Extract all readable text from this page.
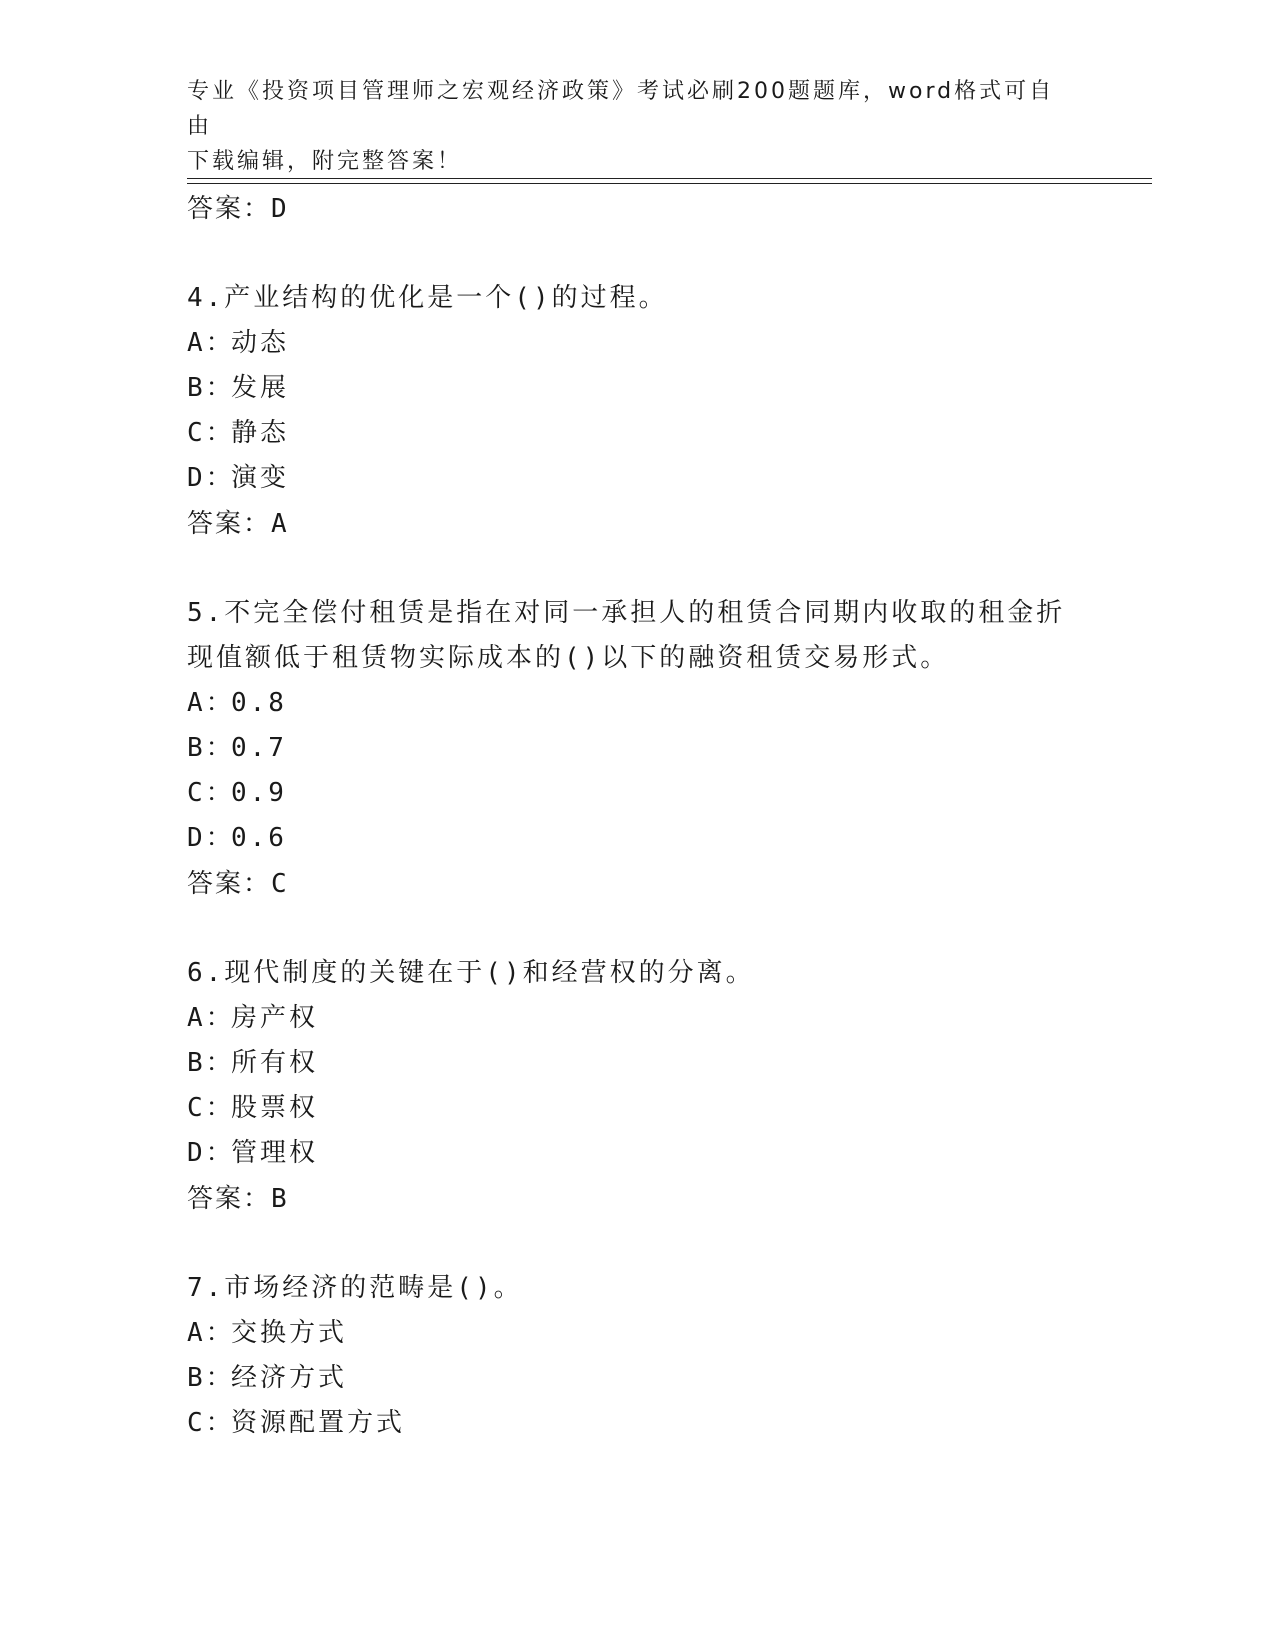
专业《投资项目管理师之宏观经济政策》考试必刷200题题库，word格式可自由
下载编辑，附完整答案！
答案：D
4.产业结构的优化是一个()的过程。
A：动态
B：发展
C：静态
D：演变
答案：A
5.不完全偿付租赁是指在对同一承担人的租赁合同期内收取的租金折现值额低于租赁物实际成本的()以下的融资租赁交易形式。
A：0.8
B：0.7
C：0.9
D：0.6
答案：C
6.现代制度的关键在于()和经营权的分离。
A：房产权
B：所有权
C：股票权
D：管理权
答案：B
7.市场经济的范畴是()。
A：交换方式
B：经济方式
C：资源配置方式
